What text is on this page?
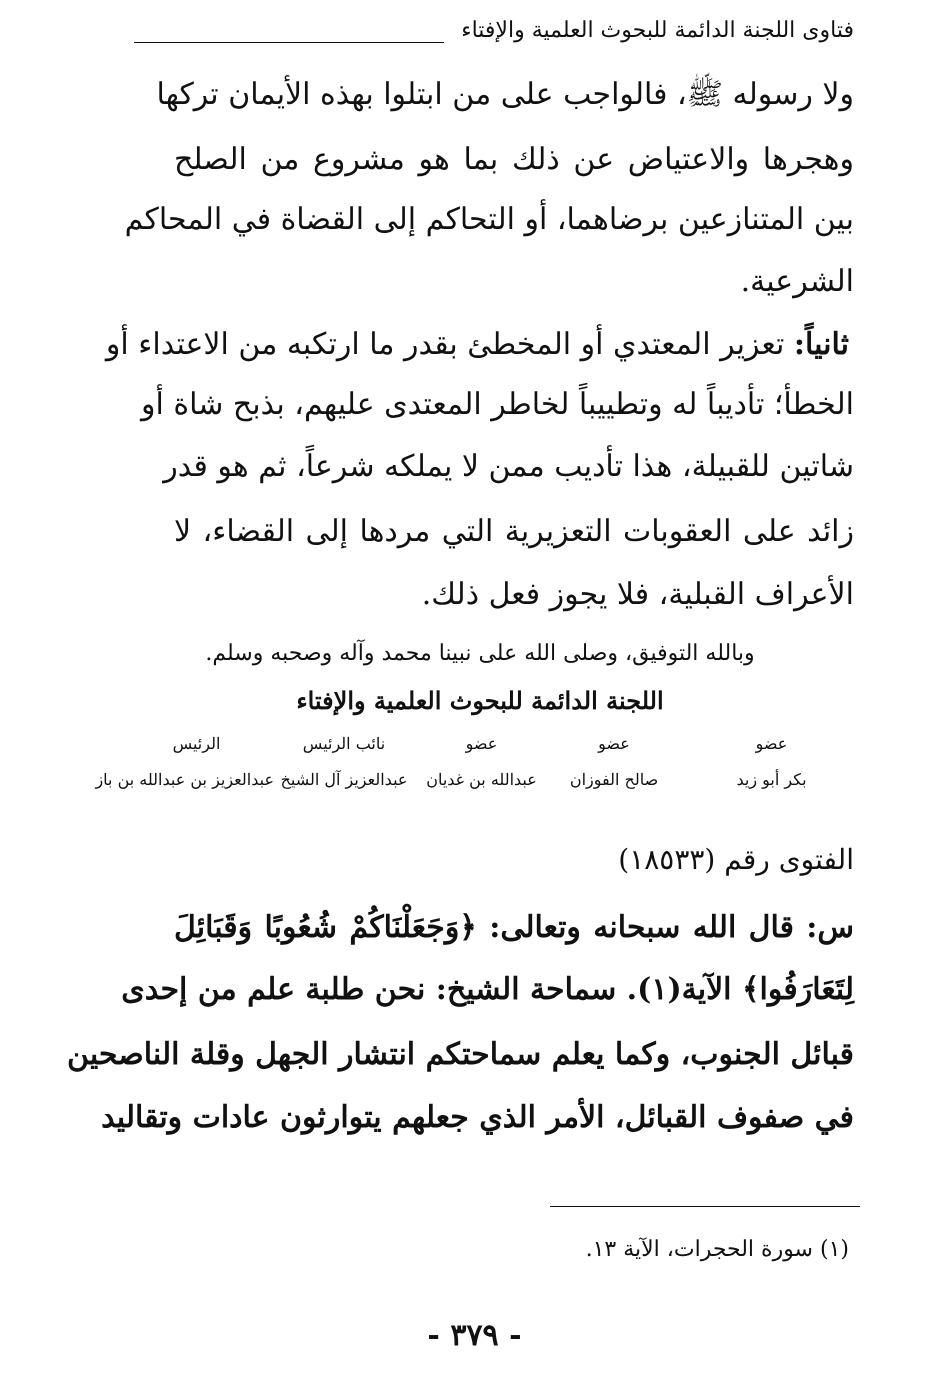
فتاوى اللجنة الدائمة للبحوث العلمية والإفتاء
ولا رسوله ﷺ، فالواجب على من ابتلوا بهذه الأيمان تركها
وهجرها والاعتياض عن ذلك بما هو مشروع من الصلح
بين المتنازعين برضاهما، أو التحاكم إلى القضاة في المحاكم
الشرعية.
ثانياً: تعزير المعتدي أو المخطئ بقدر ما ارتكبه من الاعتداء أو
الخطأ؛ تأديباً له وتطييباً لخاطر المعتدى عليهم، بذبح شاة أو
شاتين للقبيلة، هذا تأديب ممن لا يملكه شرعاً، ثم هو قدر
زائد على العقوبات التعزيرية التي مردها إلى القضاء، لا
الأعراف القبلية، فلا يجوز فعل ذلك.
وبالله التوفيق، وصلى الله على نبينا محمد وآله وصحبه وسلم.
اللجنة الدائمة للبحوث العلمية والإفتاء
عضو
بكر أبو زيد
عضو
صالح الفوزان
عضو
عبدالله بن غديان
نائب الرئيس
عبدالعزيز آل الشيخ
الرئيس
عبدالعزيز بن عبدالله بن باز
الفتوى رقم (١٨٥٣٣)
س: قال الله سبحانه وتعالى: ﴿وَجَعَلْنَاكُمْ شُعُوبًا وَقَبَائِلَ
لِتَعَارَفُوا﴾ الآية(١). سماحة الشيخ: نحن طلبة علم من إحدى
قبائل الجنوب، وكما يعلم سماحتكم انتشار الجهل وقلة الناصحين
في صفوف القبائل، الأمر الذي جعلهم يتوارثون عادات وتقاليد
(١) سورة الحجرات، الآية ١٣.
- ٣٧٩ -
